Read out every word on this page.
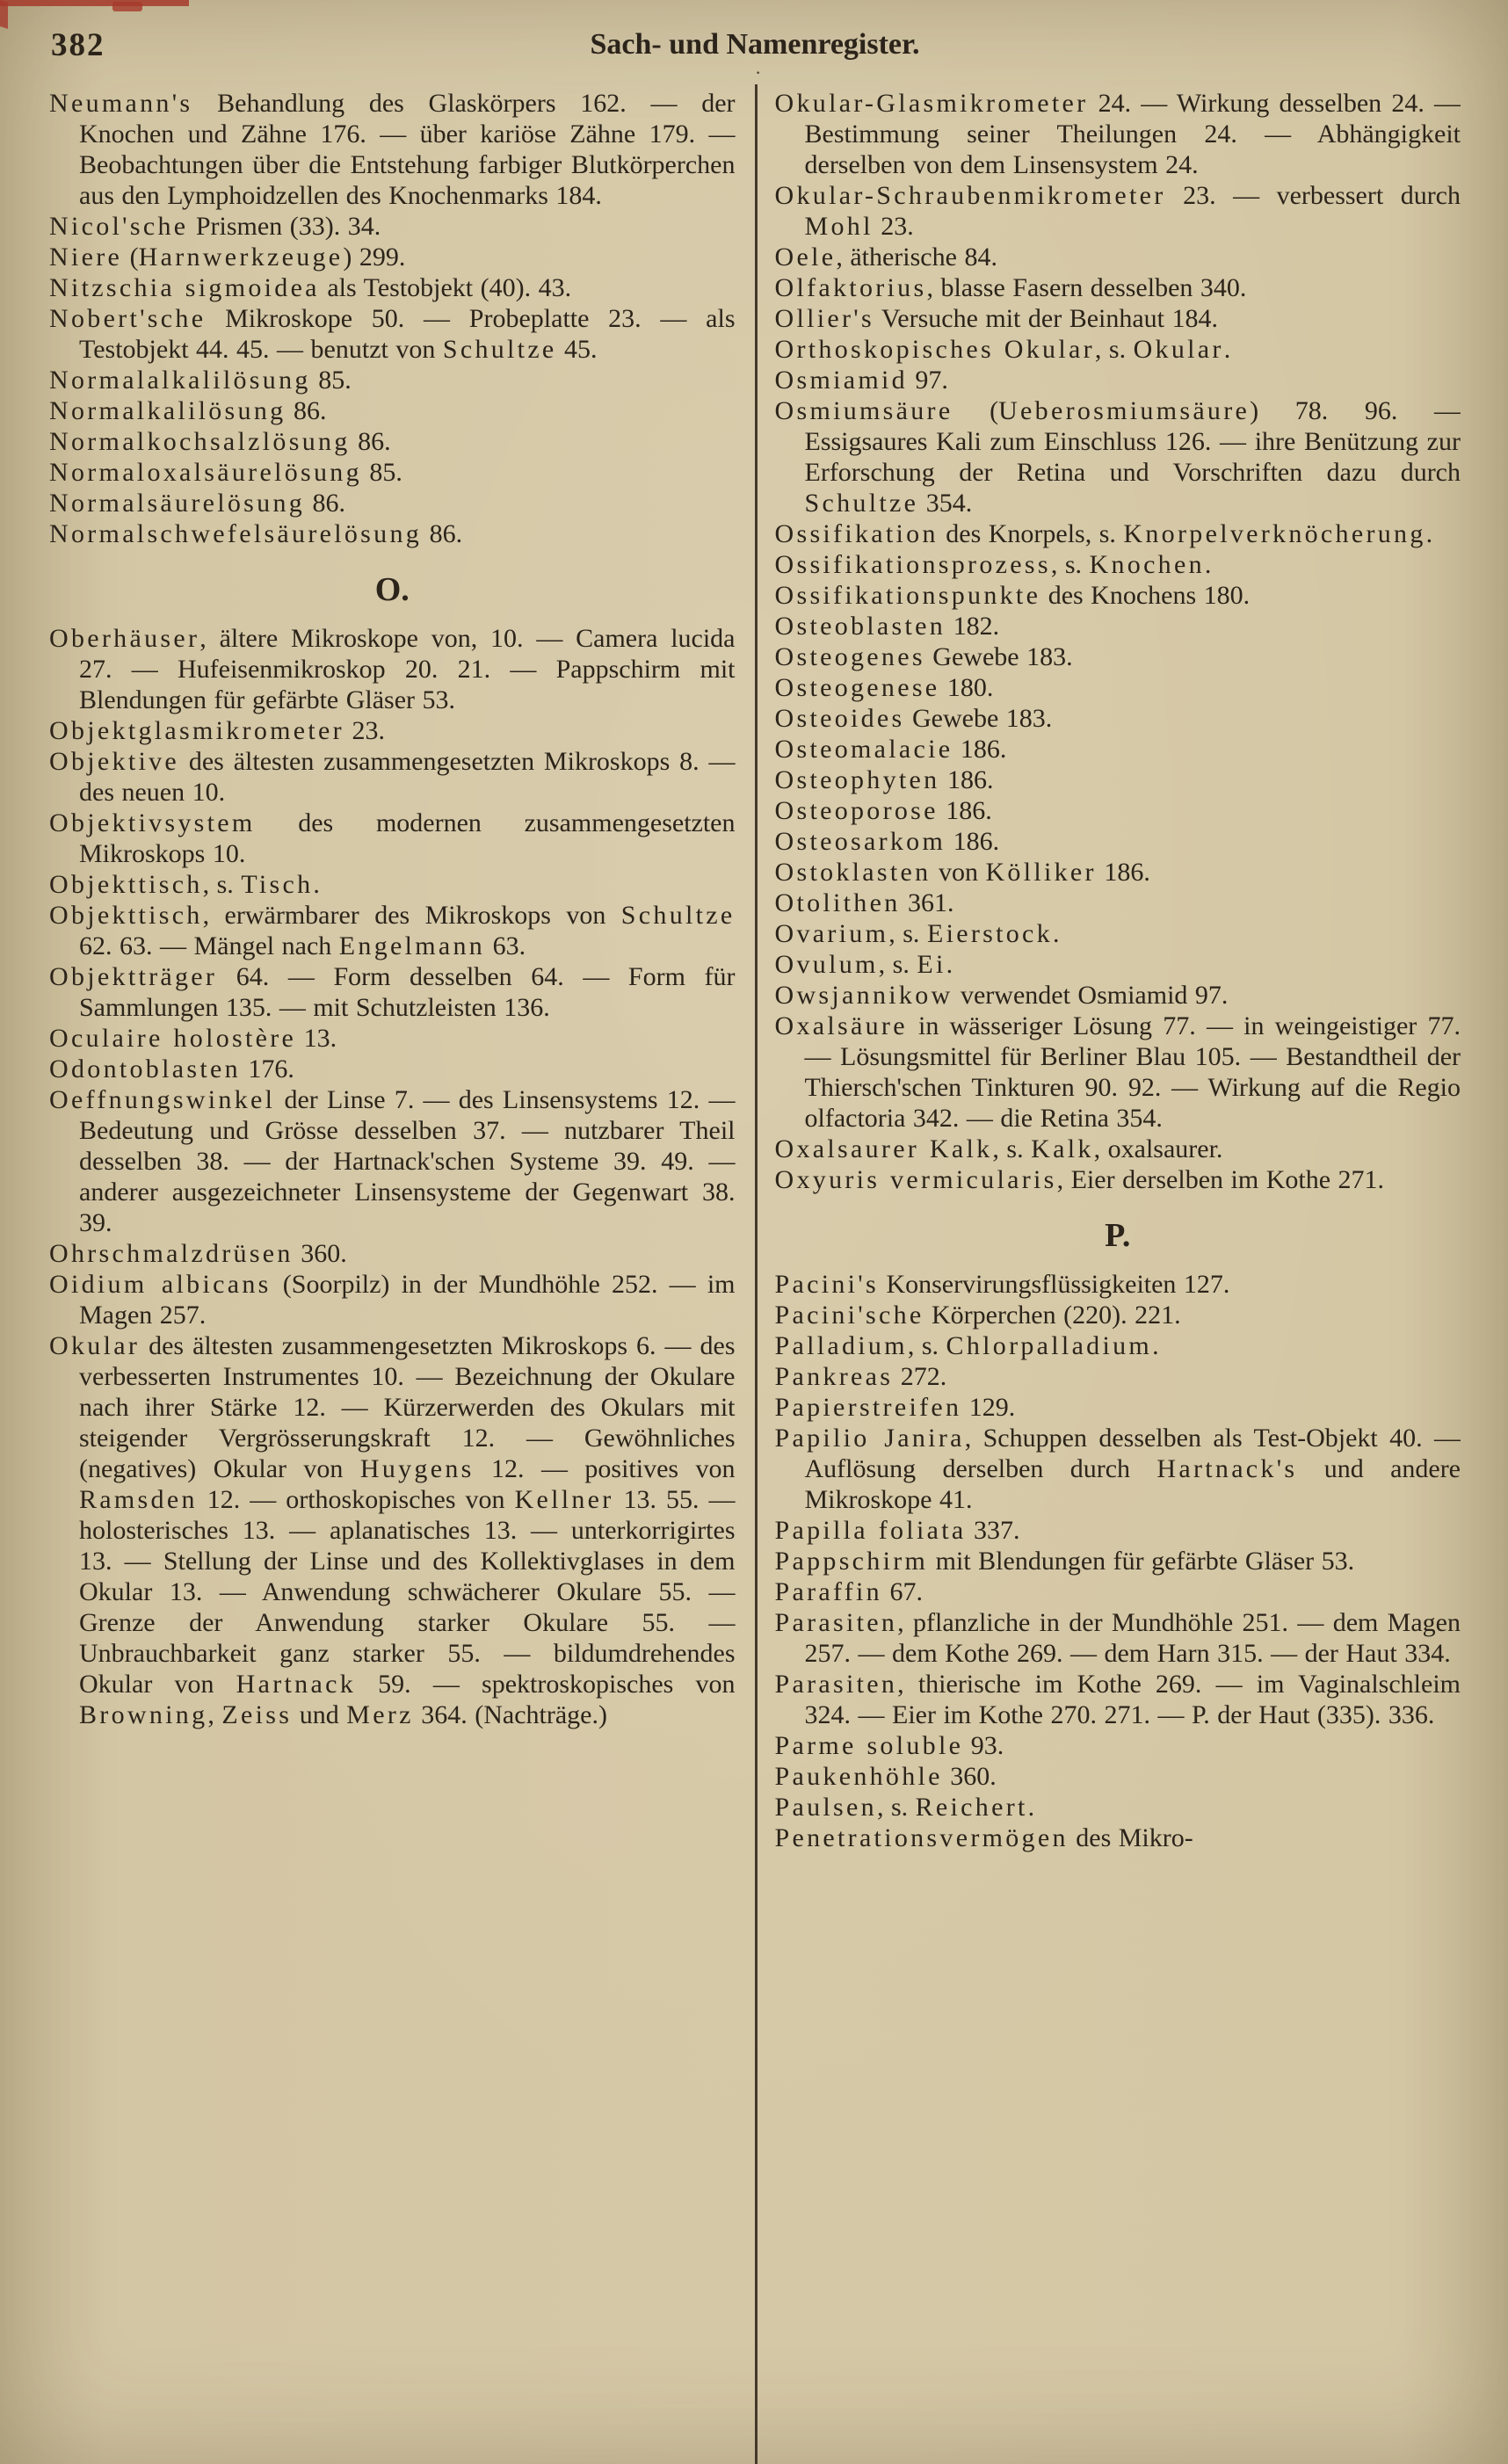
382	Sach- und Namenregister.
·

Neumann's Behandlung des Glaskörpers 162. — der Knochen und Zähne 176. — über kariöse Zähne 179. — Beobachtungen über die Entstehung farbiger Blutkörperchen aus den Lymphoidzellen des Knochenmarks 184.

Nicol'sche Prismen (33). 34.

Niere (Harnwerkzeuge) 299.

Nitzschia sigmoidea als Testobjekt (40). 43.

Nobert'sche Mikroskope 50. — Probeplatte 23. — als Testobjekt 44. 45. — benutzt von Schultze 45.

Normalalkalilösung 85.

Normalkalilösung 86.

Normalkochsalzlösung 86.

Normaloxalsäurelösung 85.

Normalsäurelösung 86.

Normalschwefelsäurelösung 86.

O.

Oberhäuser, ältere Mikroskope von, 10. — Camera lucida 27. — Hufeisenmikroskop 20. 21. — Pappschirm mit Blendungen für gefärbte Gläser 53.

Objektglasmikrometer 23.

Objektive des ältesten zusammengesetzten Mikroskops 8. — des neuen 10.

Objektivsystem des modernen zusammengesetzten Mikroskops 10.

Objekttisch, s. Tisch.

Objekttisch, erwärmbarer des Mikroskops von Schultze 62. 63. — Mängel nach Engelmann 63.

Objektträger 64. — Form desselben 64. — Form für Sammlungen 135. — mit Schutzleisten 136.

Oculaire holostère 13.

Odontoblasten 176.

Oeffnungswinkel der Linse 7. — des Linsensystems 12. — Bedeutung und Grösse desselben 37. — nutzbarer Theil desselben 38. — der Hartnack'schen Systeme 39. 49. — anderer ausgezeichneter Linsensysteme der Gegenwart 38. 39.

Ohrschmalzdrüsen 360.

Oidium albicans (Soorpilz) in der Mundhöhle 252. — im Magen 257.

Okular des ältesten zusammengesetzten Mikroskops 6. — des verbesserten Instrumentes 10. — Bezeichnung der Okulare nach ihrer Stärke 12. — Kürzerwerden des Okulars mit steigender Vergrösserungskraft 12. — Gewöhnliches (negatives) Okular von Huygens 12. — positives von Ramsden 12. — orthoskopisches von Kellner 13. 55. — holosterisches 13. — aplanatisches 13. — unterkorrigirtes 13. — Stellung der Linse und des Kollektivglases in dem Okular 13. — Anwendung schwächerer Okulare 55. — Grenze der Anwendung starker Okulare 55. — Unbrauchbarkeit ganz starker 55. — bildumdrehendes Okular von Hartnack 59. — spektroskopisches von Browning, Zeiss und Merz 364. (Nachträge.)

Okular-Glasmikrometer 24. — Wirkung desselben 24. — Bestimmung seiner Theilungen 24. — Abhängigkeit derselben von dem Linsensystem 24.

Okular-Schraubenmikrometer 23. — verbessert durch Mohl 23.

Oele, ätherische 84.

Olfaktorius, blasse Fasern desselben 340.

Ollier's Versuche mit der Beinhaut 184.

Orthoskopisches Okular, s. Okular.

Osmiamid 97.

Osmiumsäure (Ueberosmiumsäure) 78. 96. — Essigsaures Kali zum Einschluss 126. — ihre Benützung zur Erforschung der Retina und Vorschriften dazu durch Schultze 354.

Ossifikation des Knorpels, s. Knorpelverknöcherung.

Ossifikationsprozess, s. Knochen.

Ossifikationspunkte des Knochens 180.

Osteoblasten 182.

Osteogenes Gewebe 183.

Osteogenese 180.

Osteoides Gewebe 183.

Osteomalacie 186.

Osteophyten 186.

Osteoporose 186.

Osteosarkom 186.

Ostoklasten von Kölliker 186.

Otolithen 361.

Ovarium, s. Eierstock.

Ovulum, s. Ei.

Owsjannikow verwendet Osmiamid 97.

Oxalsäure in wässeriger Lösung 77. — in weingeistiger 77. — Lösungsmittel für Berliner Blau 105. — Bestandtheil der Thiersch'schen Tinkturen 90. 92. — Wirkung auf die Regio olfactoria 342. — die Retina 354.

Oxalsaurer Kalk, s. Kalk, oxalsaurer.

Oxyuris vermicularis, Eier derselben im Kothe 271.

P.

Pacini's Konservirungsflüssigkeiten 127.

Pacini'sche Körperchen (220). 221.

Palladium, s. Chlorpalladium.

Pankreas 272.

Papierstreifen 129.

Papilio Janira, Schuppen desselben als Test-Objekt 40. — Auflösung derselben durch Hartnack's und andere Mikroskope 41.

Papilla foliata 337.

Pappschirm mit Blendungen für gefärbte Gläser 53.

Paraffin 67.

Parasiten, pflanzliche in der Mundhöhle 251. — dem Magen 257. — dem Kothe 269. — dem Harn 315. — der Haut 334.

Parasiten, thierische im Kothe 269. — im Vaginalschleim 324. — Eier im Kothe 270. 271. — P. der Haut (335). 336.

Parme soluble 93.

Paukenhöhle 360.

Paulsen, s. Reichert.

Penetrationsvermögen des Mikro-
